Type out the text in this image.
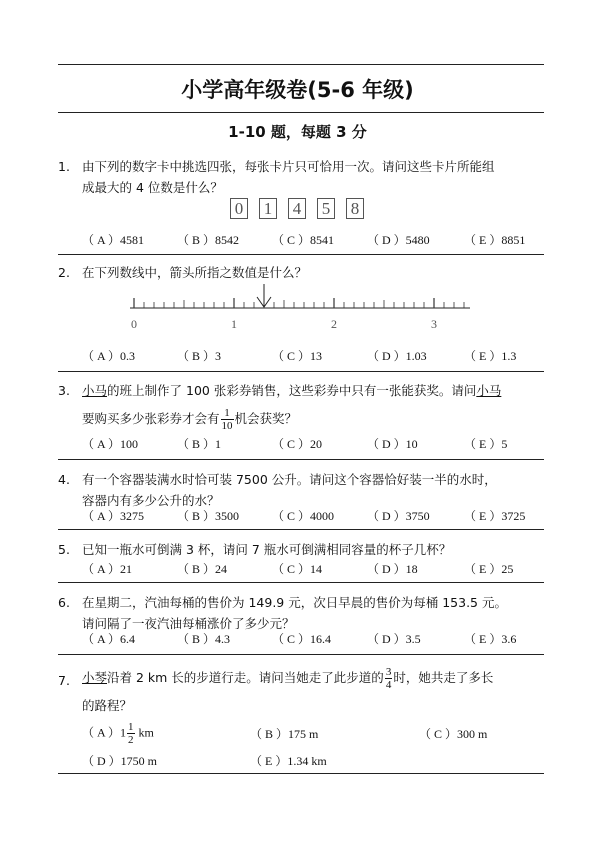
小学高年级卷(5-6 年级)
1-10 题，每题 3 分
1. 由下列的数字卡中挑选四张，每张卡片只可恰用一次。请问这些卡片所能组
成最大的 4 位数是什么？
0 1 4 5 8
（ A ）4581	（ B ）8542	（ C ）8541	（ D ）5480	（ E ）8851
2. 在下列数线中，箭头所指之数值是什么？
0	1	2	3
（ A ）0.3	（ B ）3	（ C ）13	（ D ）1.03	（ E ）1.3
3. 小马的班上制作了 100 张彩券销售，这些彩券中只有一张能获奖。请问小马
要购买多少张彩券才会有 $\frac{1}{10}$ 机会获奖？
（ A ）100	（ B ）1	（ C ）20	（ D ）10	（ E ）5
4. 有一个容器装满水时恰可装 7500 公升。请问这个容器恰好装一半的水时，
容器内有多少公升的水？
（ A ）3275	（ B ）3500	（ C ）4000	（ D ）3750	（ E ）3725
5. 已知一瓶水可倒满 3 杯，请问 7 瓶水可倒满相同容量的杯子几杯？
（ A ）21	（ B ）24	（ C ）14	（ D ）18	（ E ）25
6. 在星期二，汽油每桶的售价为 149.9 元，次日早晨的售价为每桶 153.5 元。
请问隔了一夜汽油每桶涨价了多少元？
（ A ）6.4	（ B ）4.3	（ C ）16.4	（ D ）3.5	（ E ）3.6
7. 小琴沿着 2 km 长的步道行走。请问当她走了此步道的 $\frac{3}{4}$ 时，她共走了多长
的路程？
（ A ）$1 \frac{1}{2}$ km	（ B ）175 m	（ C ）300 m
（ D ）1750 m	（ E ）1.34 km
